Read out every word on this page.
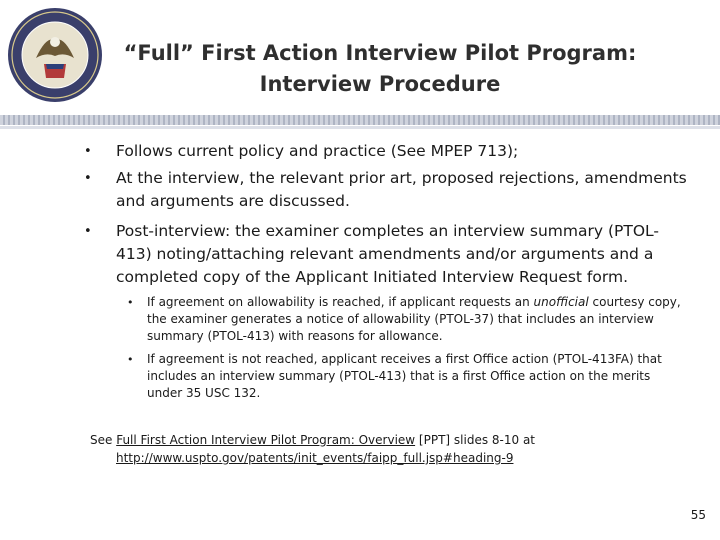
“Full” First Action Interview Pilot Program:
Interview Procedure
• Follows current policy and practice (See MPEP 713);
• At the interview, the relevant prior art, proposed rejections, amendments and arguments are discussed.
• Post-interview: the examiner completes an interview summary (PTOL-413) noting/attaching relevant amendments and/or arguments and a completed copy of the Applicant Initiated Interview Request form.
• If agreement on allowability is reached, if applicant requests an unofficial courtesy copy, the examiner generates a notice of allowability (PTOL-37) that includes an interview summary (PTOL-413) with reasons for allowance.
• If agreement is not reached, applicant receives a first Office action (PTOL-413FA) that includes an interview summary (PTOL-413) that is a first Office action on the merits under 35 USC 132.
See Full First Action Interview Pilot Program: Overview [PPT] slides 8-10 at
http://www.uspto.gov/patents/init_events/faipp_full.jsp#heading-9
55
